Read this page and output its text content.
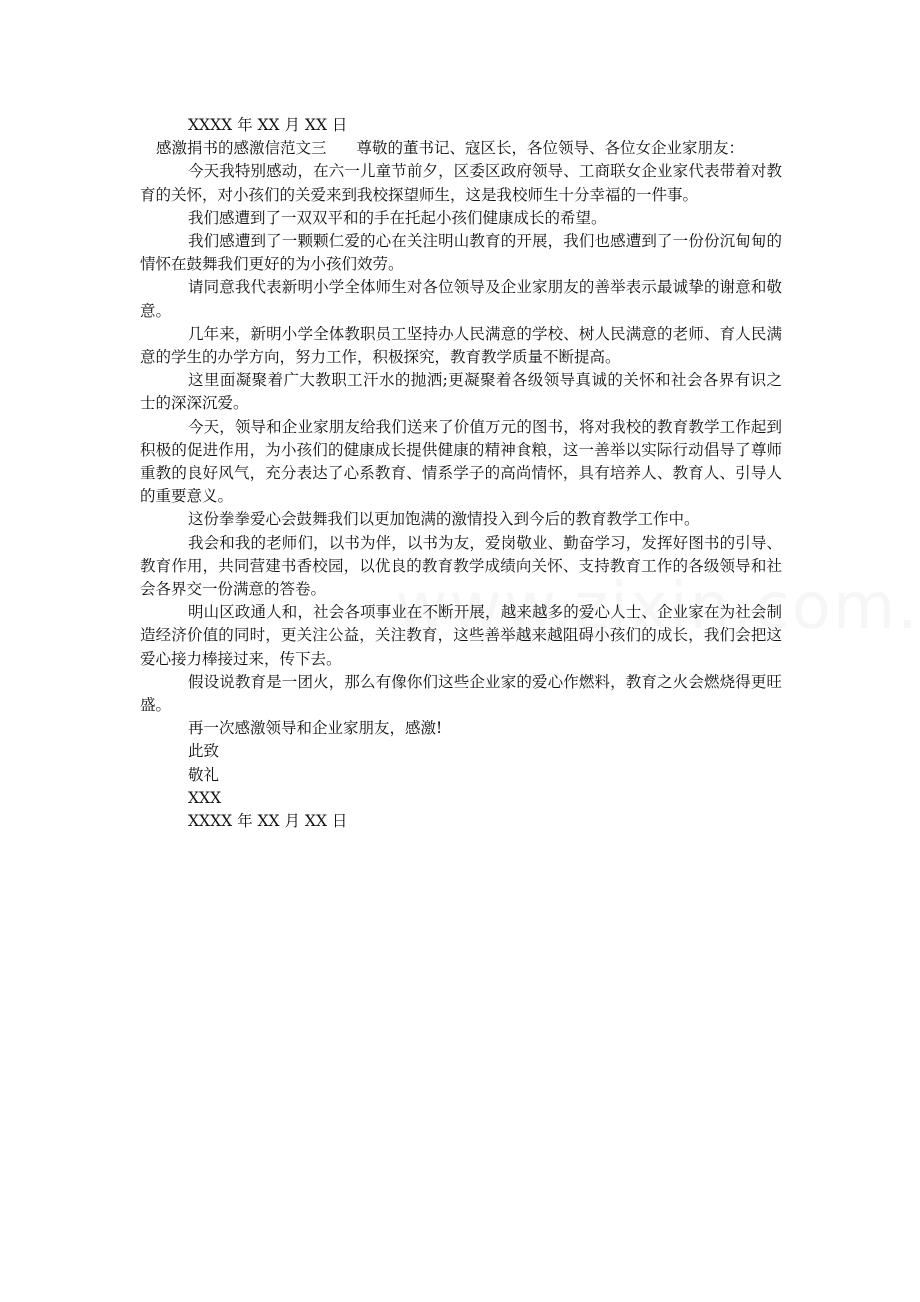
XXXX 年 XX 月 XX 日
感激捐书的感激信范文三 尊敬的董书记、寇区长，各位领导、各位女企业家朋友：

今天我特别感动，在六一儿童节前夕，区委区政府领导、工商联女企业家代表带着对教育的关怀，对小孩们的关爱来到我校探望师生，这是我校师生十分幸福的一件事。

我们感遭到了一双双平和的手在托起小孩们健康成长的希望。

我们感遭到了一颗颗仁爱的心在关注明山教育的开展，我们也感遭到了一份份沉甸甸的情怀在鼓舞我们更好的为小孩们效劳。

请同意我代表新明小学全体师生对各位领导及企业家朋友的善举表示最诚挚的谢意和敬意。

几年来，新明小学全体教职员工坚持办人民满意的学校、树人民满意的老师、育人民满意的学生的办学方向，努力工作，积极探究，教育教学质量不断提高。

这里面凝聚着广大教职工汗水的抛洒;更凝聚着各级领导真诚的关怀和社会各界有识之士的深深沉爱。

今天，领导和企业家朋友给我们送来了价值万元的图书，将对我校的教育教学工作起到积极的促进作用，为小孩们的健康成长提供健康的精神食粮，这一善举以实际行动倡导了尊师重教的良好风气，充分表达了心系教育、情系学子的高尚情怀，具有培养人、教育人、引导人的重要意义。

这份拳拳爱心会鼓舞我们以更加饱满的激情投入到今后的教育教学工作中。

我会和我的老师们，以书为伴，以书为友，爱岗敬业、勤奋学习，发挥好图书的引导、教育作用，共同营建书香校园，以优良的教育教学成绩向关怀、支持教育工作的各级领导和社会各界交一份满意的答卷。

明山区政通人和，社会各项事业在不断开展，越来越多的爱心人士、企业家在为社会制造经济价值的同时，更关注公益，关注教育，这些善举越来越阻碍小孩们的成长，我们会把这爱心接力棒接过来，传下去。

假设说教育是一团火，那么有像你们这些企业家的爱心作燃料，教育之火会燃烧得更旺盛。

再一次感激领导和企业家朋友，感激!

此致
敬礼
XXX
XXXX 年 XX 月 XX 日
